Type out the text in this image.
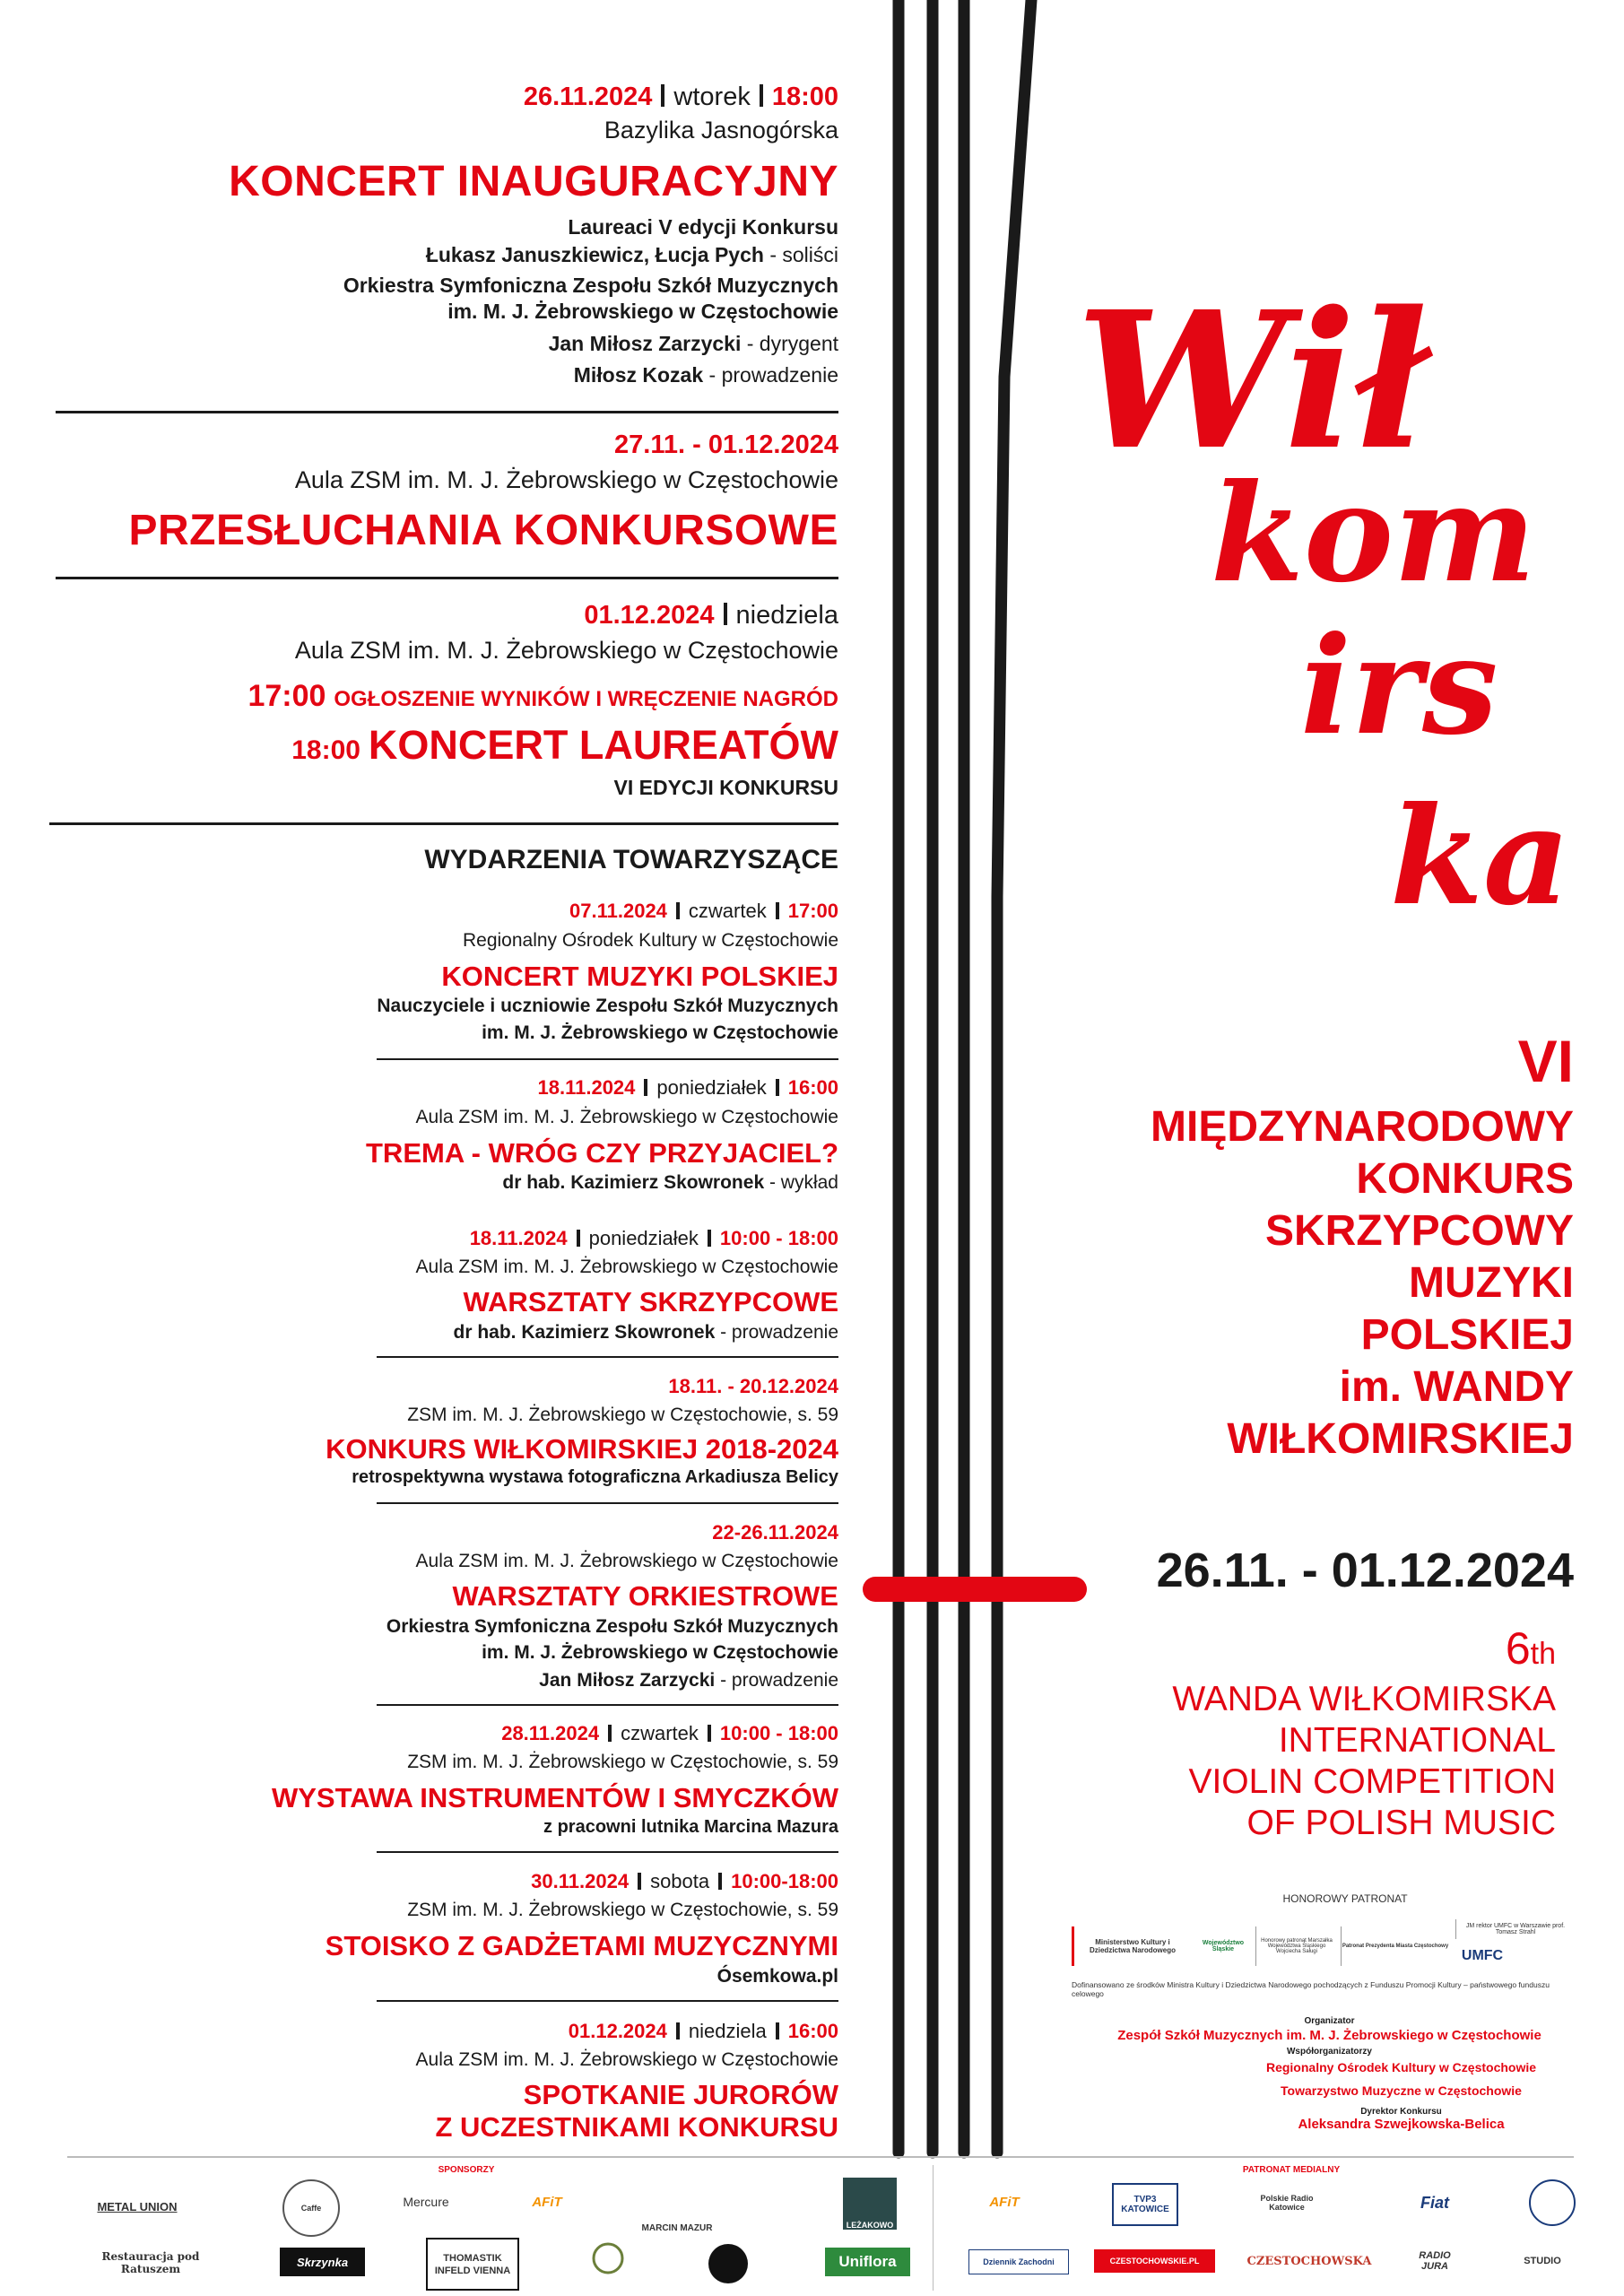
26.11.2024 wtorek 18:00
Bazylika Jasnogórska
KONCERT INAUGURACYJNY
Laureaci V edycji Konkursu
Łukasz Januszkiewicz, Łucja Pych - soliści
Orkiestra Symfoniczna Zespołu Szkół Muzycznych
im. M. J. Żebrowskiego w Częstochowie
Jan Miłosz Zarzycki - dyrygent
Miłosz Kozak - prowadzenie
27.11. - 01.12.2024
Aula ZSM im. M. J. Żebrowskiego w Częstochowie
PRZESŁUCHANIA KONKURSOWE
01.12.2024 niedziela
Aula ZSM im. M. J. Żebrowskiego w Częstochowie
17:00 OGŁOSZENIE WYNIKÓW I WRĘCZENIE NAGRÓD
18:00 KONCERT LAUREATÓW
VI EDYCJI KONKURSU
WYDARZENIA TOWARZYSZĄCE
07.11.2024 czwartek 17:00
Regionalny Ośrodek Kultury w Częstochowie
KONCERT MUZYKI POLSKIEJ
Nauczyciele i uczniowie Zespołu Szkół Muzycznych
im. M. J. Żebrowskiego w Częstochowie
18.11.2024 poniedziałek 16:00
Aula ZSM im. M. J. Żebrowskiego w Częstochowie
TREMA - WRÓG CZY PRZYJACIEL?
dr hab. Kazimierz Skowronek - wykład
18.11.2024 poniedziałek 10:00 - 18:00
Aula ZSM im. M. J. Żebrowskiego w Częstochowie
WARSZTATY SKRZYPCOWE
dr hab. Kazimierz Skowronek - prowadzenie
18.11. - 20.12.2024
ZSM im. M. J. Żebrowskiego w Częstochowie, s. 59
KONKURS WIŁKOMIRSKIEJ 2018-2024
retrospektywna wystawa fotograficzna Arkadiusza Belicy
22-26.11.2024
Aula ZSM im. M. J. Żebrowskiego w Częstochowie
WARSZTATY ORKIESTROWE
Orkiestra Symfoniczna Zespołu Szkół Muzycznych
im. M. J. Żebrowskiego w Częstochowie
Jan Miłosz Zarzycki - prowadzenie
28.11.2024 czwartek 10:00 - 18:00
ZSM im. M. J. Żebrowskiego w Częstochowie, s. 59
WYSTAWA INSTRUMENTÓW I SMYCZKÓW
z pracowni lutnika Marcina Mazura
30.11.2024 sobota 10:00-18:00
ZSM im. M. J. Żebrowskiego w Częstochowie, s. 59
STOISKO Z GADŻETAMI MUZYCZNYMI
Ósemkowa.pl
01.12.2024 niedziela 16:00
Aula ZSM im. M. J. Żebrowskiego w Częstochowie
SPOTKANIE JURORÓW
Z UCZESTNIKAMI KONKURSU
Wił
kom
irs
ka
VI
MIĘDZYNARODOWY
KONKURS
SKRZYPCOWY
MUZYKI
POLSKIEJ
im. WANDY
WIŁKOMIRSKIEJ
26.11. - 01.12.2024
6th
WANDA WIŁKOMIRSKA
INTERNATIONAL
VIOLIN COMPETITION
OF POLISH MUSIC
HONOROWY PATRONAT
Ministerstwo Kultury i Dziedzictwa Narodowego
Województwo Śląskie
Honorowy patronat Marszałka Województwa Śląskiego Wojciecha Saługi
Patronat Prezydenta Miasta Częstochowy
JM rektor UMFC w Warszawie prof. Tomasz Strahl
UMFC
Dofinansowano ze środków Ministra Kultury i Dziedzictwa Narodowego pochodzących z Funduszu Promocji Kultury – państwowego funduszu celowego
Organizator
Zespół Szkół Muzycznych im. M. J. Żebrowskiego w Częstochowie
Współorganizatorzy
Regionalny Ośrodek Kultury w Częstochowie
Towarzystwo Muzyczne w Częstochowie
Dyrektor Konkursu
Aleksandra Szwejkowska-Belica
SPONSORZY	PATRONAT MEDIALNY
METAL UNION	Caffe	Mercure	AFiT
MARCIN MAZUR	LEŻAKOWO
Restauracja pod Ratuszem
Skrzynka	THOMASTIK INFELD VIENNA
Uniflora
AFiT	TVP3 KATOWICE
Polskie Radio Katowice	Fiat
Dziennik Zachodni	CZESTOCHOWSKIE.PL	CZESTOCHOWSKA	RADIO JURA	STUDIO
